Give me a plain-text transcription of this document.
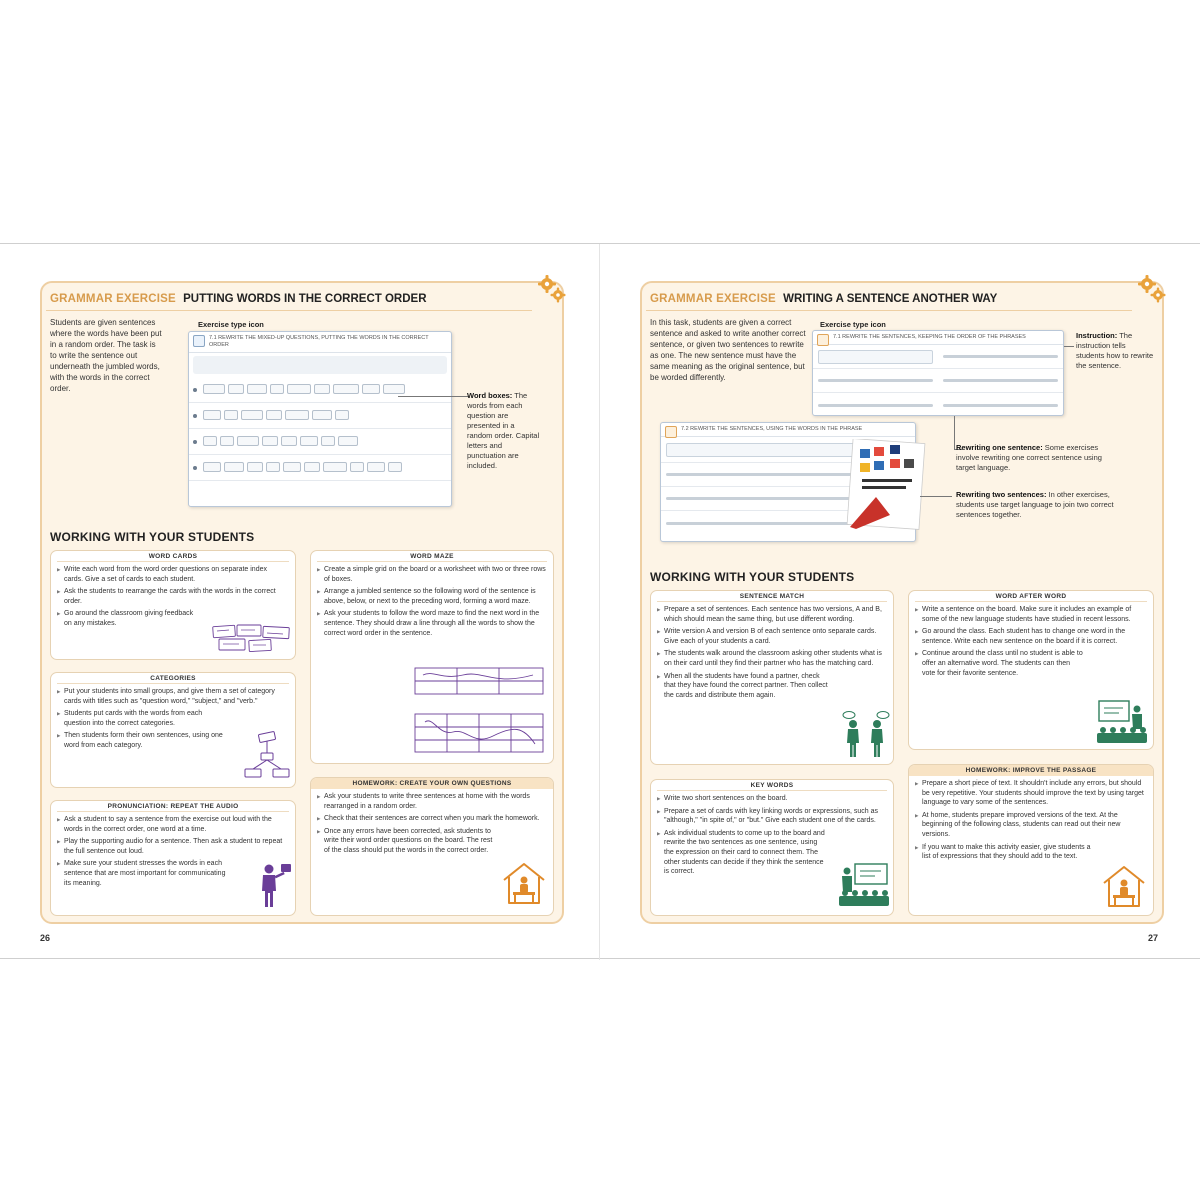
GRAMMAR EXERCISE PUTTING WORDS IN THE CORRECT ORDER
Students are given sentences where the words have been put in a random order. The task is to write the sentence out underneath the jumbled words, with the words in the correct order.
Exercise type icon
7.1 REWRITE THE MIXED-UP QUESTIONS, PUTTING THE WORDS IN THE CORRECT ORDER
Word boxes: The words from each question are presented in a random order. Capital letters and punctuation are included.
WORKING WITH YOUR STUDENTS
WORD CARDS

▶ Write each word from the word order questions on separate index cards. Give a set of cards to each student.

▶ Ask the students to rearrange the cards with the words in the correct order.

▶ Go around the classroom giving feedback on any mistakes.

WORD MAZE

▶ Create a simple grid on the board or a worksheet with two or three rows of boxes.

▶ Arrange a jumbled sentence so the following word of the sentence is above, below, or next to the preceding word, forming a word maze.

▶ Ask your students to follow the word maze to find the next word in the sentence. They should draw a line through all the words to show the correct word order in the sentence.

CATEGORIES

▶ Put your students into small groups, and give them a set of category cards with titles such as "question word," "subject," and "verb."

▶ Students put cards with the words from each question into the correct categories.

▶ Then students form their own sentences, using one word from each category.

HOMEWORK: CREATE YOUR OWN QUESTIONS

▶ Ask your students to write three sentences at home with the words rearranged in a random order.

▶ Check that their sentences are correct when you mark the homework.

▶ Once any errors have been corrected, ask students to write their word order questions on the board. The rest of the class should put the words in the correct order.

PRONUNCIATION: REPEAT THE AUDIO

▶ Ask a student to say a sentence from the exercise out loud with the words in the correct order, one word at a time.

▶ Play the supporting audio for a sentence. Then ask a student to repeat the full sentence out loud.

▶ Make sure your student stresses the words in each sentence that are most important for communicating its meaning.

26
GRAMMAR EXERCISE WRITING A SENTENCE ANOTHER WAY
In this task, students are given a correct sentence and asked to write another correct sentence, or given two sentences to rewrite as one. The new sentence must have the same meaning as the original sentence, but be worded differently.
Exercise type icon
7.1 REWRITE THE SENTENCES, KEEPING THE ORDER OF THE PHRASES
7.2 REWRITE THE SENTENCES, USING THE WORDS IN THE PHRASE
Instruction: The instruction tells students how to rewrite the sentence.
Rewriting one sentence: Some exercises involve rewriting one correct sentence using target language.
Rewriting two sentences: In other exercises, students use target language to join two correct sentences together.
WORKING WITH YOUR STUDENTS
SENTENCE MATCH

▶ Prepare a set of sentences. Each sentence has two versions, A and B, which should mean the same thing, but use different wording.

▶ Write version A and version B of each sentence onto separate cards. Give each of your students a card.

▶ The students walk around the classroom asking other students what is on their card until they find their partner who has the matching card.

▶ When all the students have found a partner, check that they have found the correct partner. Then collect the cards and distribute them again.

WORD AFTER WORD

▶ Write a sentence on the board. Make sure it includes an example of some of the new language students have studied in recent lessons.

▶ Go around the class. Each student has to change one word in the sentence. Write each new sentence on the board if it is correct.

▶ Continue around the class until no student is able to offer an alternative word. The students can then vote for their favorite sentence.

KEY WORDS

▶ Write two short sentences on the board.

▶ Prepare a set of cards with key linking words or expressions, such as "although," "in spite of," or "but." Give each student one of the cards.

▶ Ask individual students to come up to the board and rewrite the two sentences as one sentence, using the expression on their card to connect them. The other students can decide if they think the sentence is correct.

HOMEWORK: IMPROVE THE PASSAGE

▶ Prepare a short piece of text. It shouldn't include any errors, but should be very repetitive. Your students should improve the text by using target language to vary some of the sentences.

▶ At home, students prepare improved versions of the text. At the beginning of the following class, students can read out their new versions.

▶ If you want to make this activity easier, give students a list of expressions that they should add to the text.

27
